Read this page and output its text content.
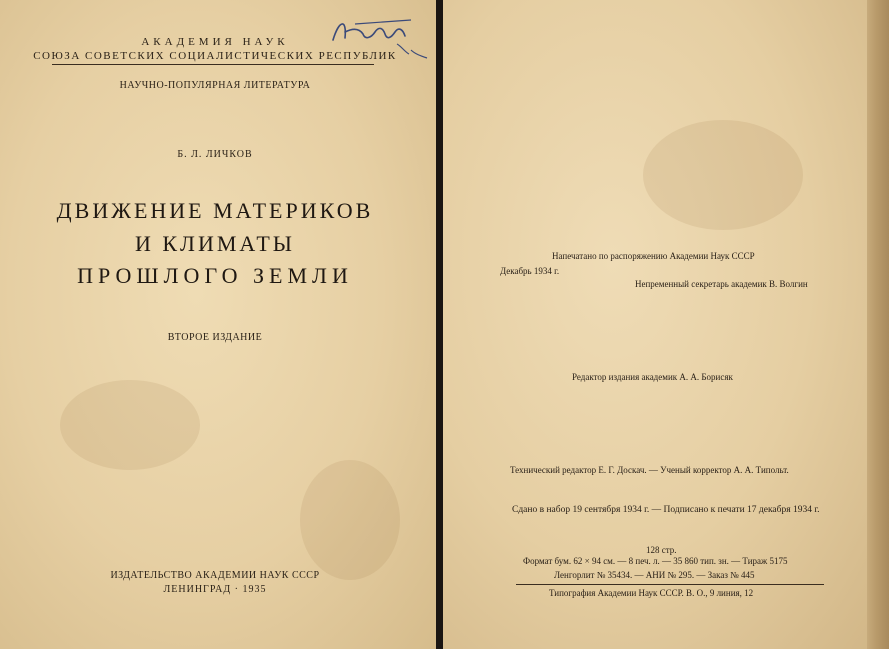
АКАДЕМИЯ НАУК
СОЮЗА СОВЕТСКИХ СОЦИАЛИСТИЧЕСКИХ РЕСПУБЛИК
НАУЧНО-ПОПУЛЯРНАЯ ЛИТЕРАТУРА
Б. Л. ЛИЧКОВ
ДВИЖЕНИЕ МАТЕРИКОВ
И КЛИМАТЫ
ПРОШЛОГО ЗЕМЛИ
ВТОРОЕ ИЗДАНИЕ
ИЗДАТЕЛЬСТВО АКАДЕМИИ НАУК СССР
ЛЕНИНГРАД · 1935
Напечатано по распоряжению Академии Наук СССР
Декабрь 1934 г.
Непременный секретарь академик В. Волгин
Редактор издания академик А. А. Борисяк
Технический редактор Е. Г. Доскач. — Ученый корректор А. А. Типольт.
Сдано в набор 19 сентября 1934 г. — Подписано к печати 17 декабря 1934 г.
128 стр.
Формат бум. 62 × 94 см. — 8 печ. л. — 35 860 тип. зн. — Тираж 5175
Ленгорлит № 35434. — АНИ № 295. — Заказ № 445
Типография Академии Наук СССР. В. О., 9 линия, 12
